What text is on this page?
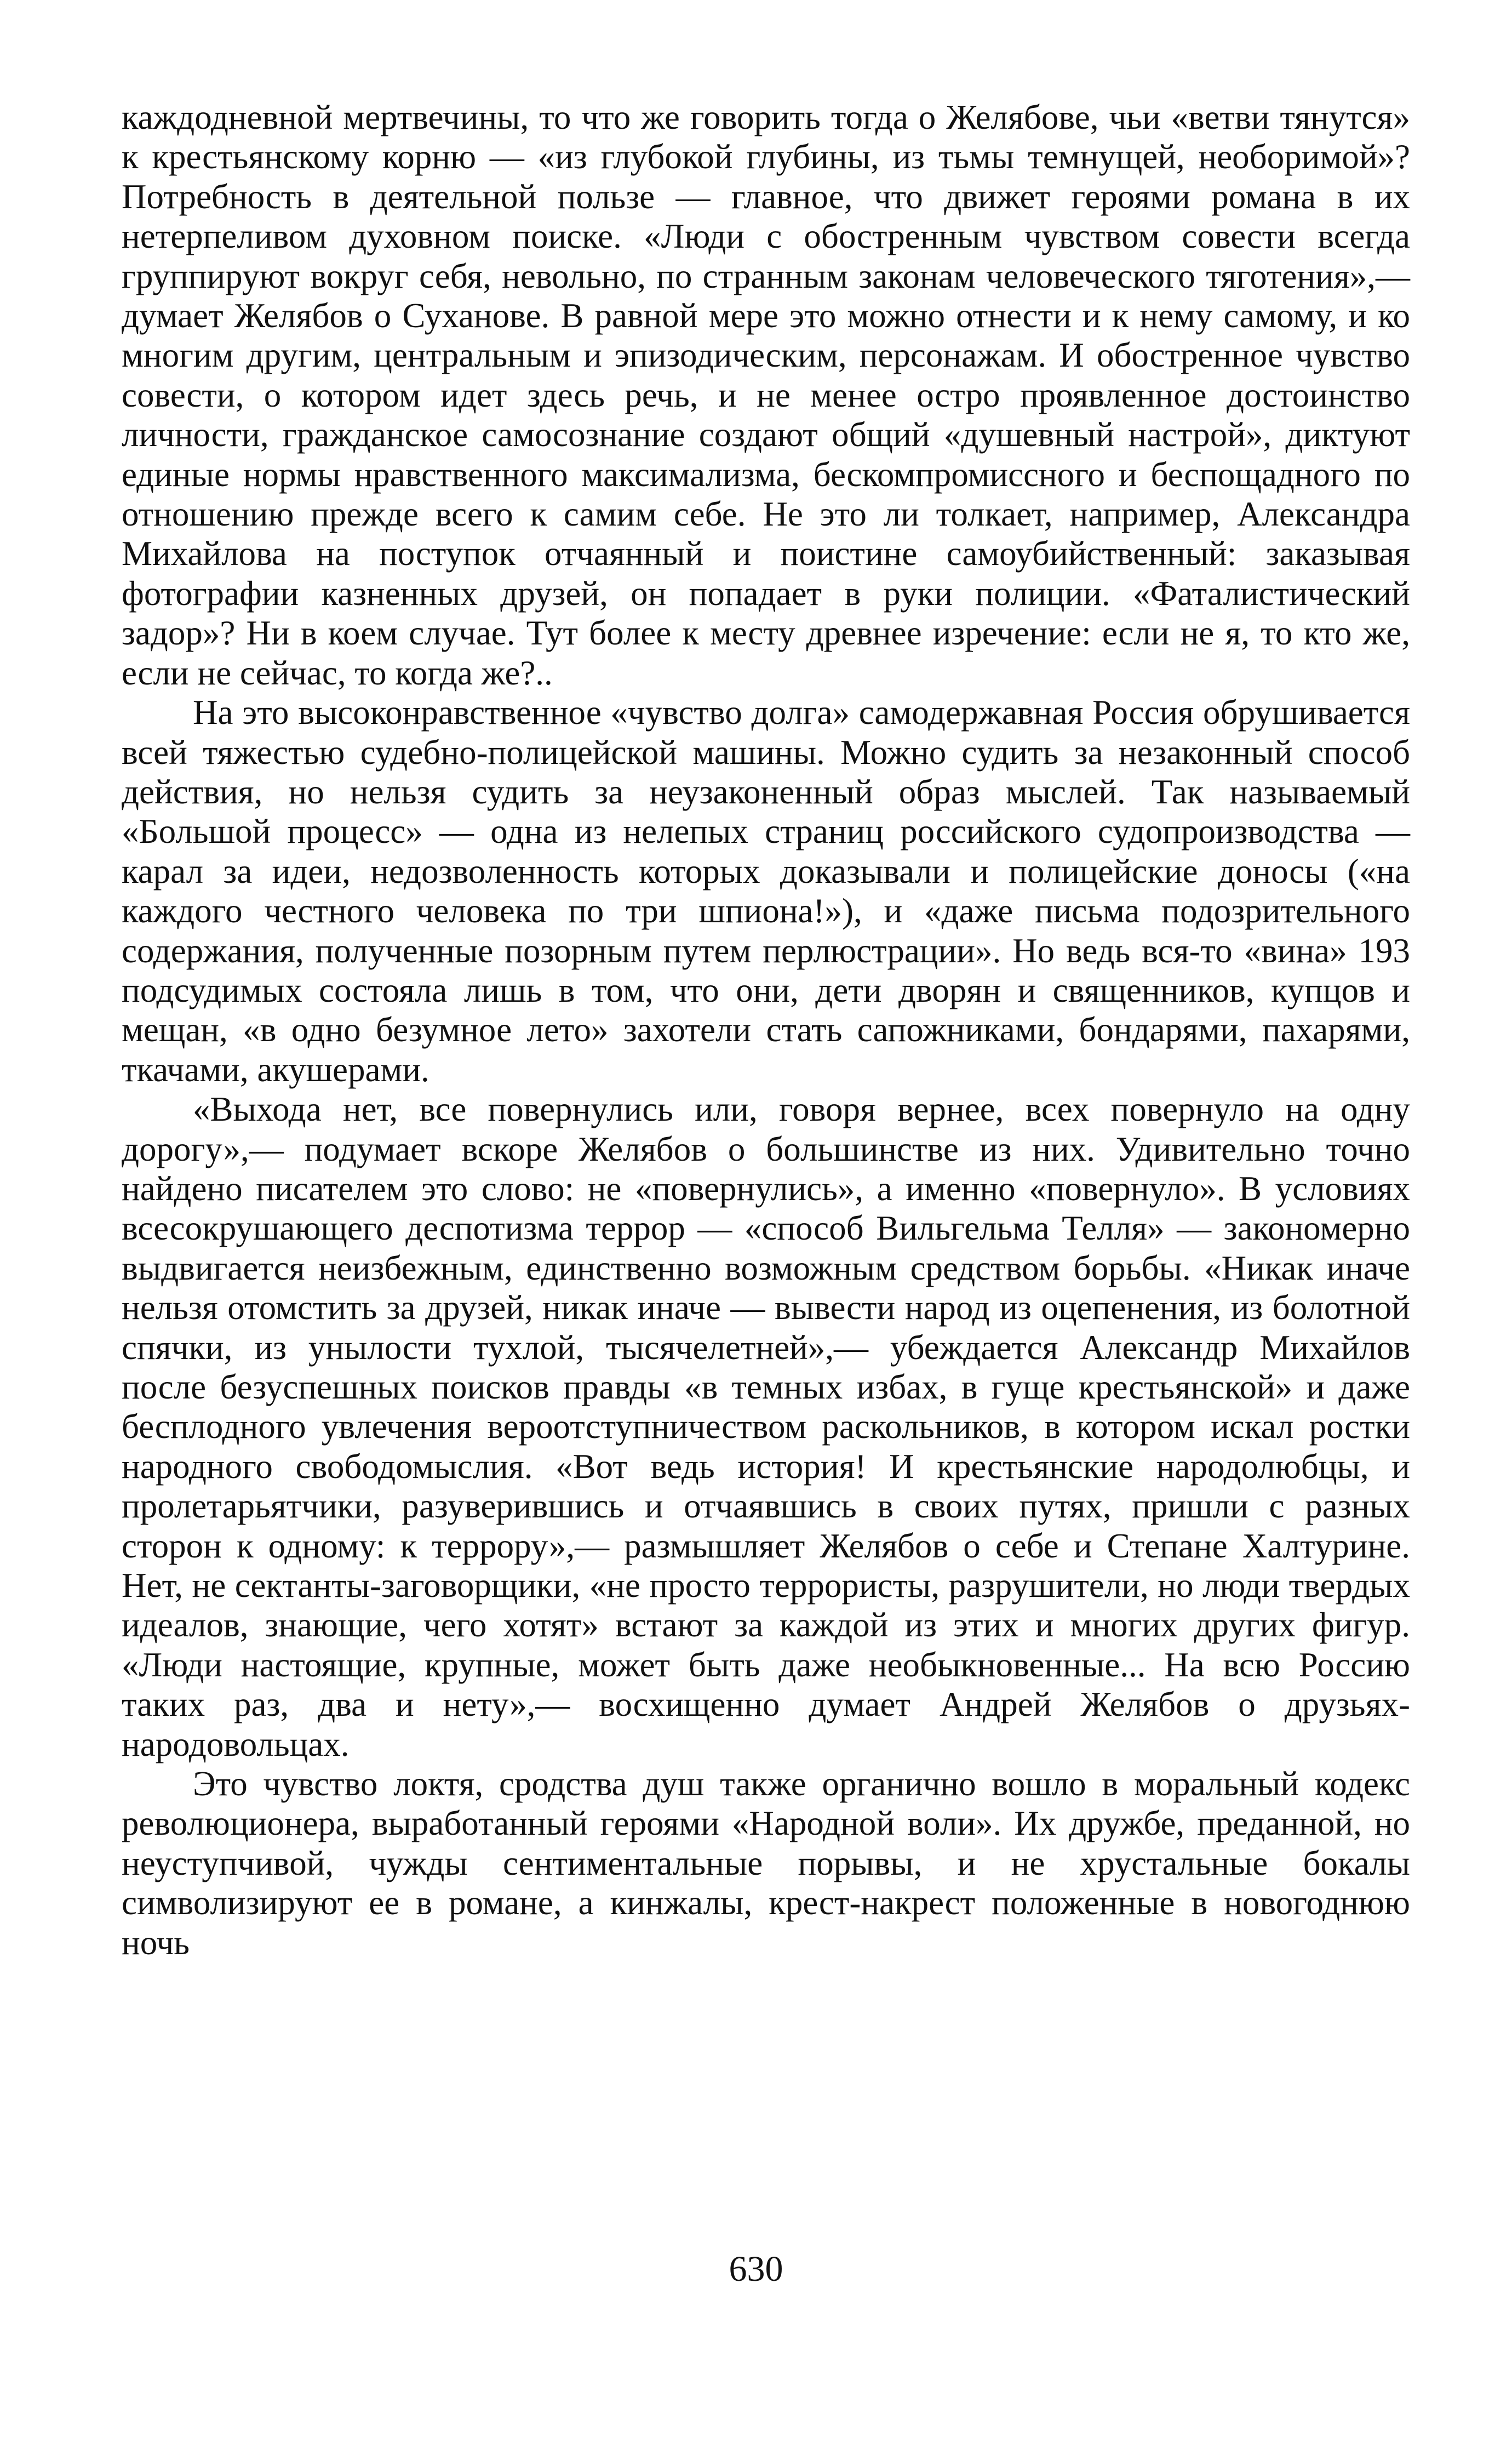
каждодневной мертвечины, то что же говорить тогда о Желябове, чьи «ветви тянутся» к крестьянскому корню — «из глубокой глубины, из тьмы темнущей, необоримой»? Потребность в деятельной пользе — главное, что движет героями романа в их нетерпеливом духовном поиске. «Люди с обостренным чувством совести всегда группируют вокруг себя, невольно, по странным законам человеческого тяготения»,— думает Желябов о Суханове. В равной мере это можно отнести и к нему самому, и ко многим другим, центральным и эпизодическим, персонажам. И обостренное чувство совести, о котором идет здесь речь, и не менее остро проявленное достоинство личности, гражданское самосознание создают общий «душевный настрой», диктуют единые нормы нравственного максимализма, бескомпромиссного и беспощадного по отношению прежде всего к самим себе. Не это ли толкает, например, Александра Михайлова на поступок отчаянный и поистине самоубийственный: заказывая фотографии казненных друзей, он попадает в руки полиции. «Фаталистический задор»? Ни в коем случае. Тут более к месту древнее изречение: если не я, то кто же, если не сейчас, то когда же?..

На это высоконравственное «чувство долга» самодержавная Россия обрушивается всей тяжестью судебно-полицейской машины. Можно судить за незаконный способ действия, но нельзя судить за неузаконенный образ мыслей. Так называемый «Большой процесс» — одна из нелепых страниц российского судопроизводства — карал за идеи, недозволенность которых доказывали и полицейские доносы («на каждого честного человека по три шпиона!»), и «даже письма подозрительного содержания, полученные позорным путем перлюстрации». Но ведь вся-то «вина» 193 подсудимых состояла лишь в том, что они, дети дворян и священников, купцов и мещан, «в одно безумное лето» захотели стать сапожниками, бондарями, пахарями, ткачами, акушерами.

«Выхода нет, все повернулись или, говоря вернее, всех повернуло на одну дорогу»,— подумает вскоре Желябов о большинстве из них. Удивительно точно найдено писателем это слово: не «повернулись», а именно «повернуло». В условиях всесокрушающего деспотизма террор — «способ Вильгельма Телля» — закономерно выдвигается неизбежным, единственно возможным средством борьбы. «Никак иначе нельзя отомстить за друзей, никак иначе — вывести народ из оцепенения, из болотной спячки, из унылости тухлой, тысячелетней»,— убеждается Александр Михайлов после безуспешных поисков правды «в темных избах, в гуще крестьянской» и даже бесплодного увлечения вероотступничеством раскольников, в котором искал ростки народного свободомыслия. «Вот ведь история! И крестьянские народолюбцы, и пролетарьятчики, разуверившись и отчаявшись в своих путях, пришли с разных сторон к одному: к террору»,— размышляет Желябов о себе и Степане Халтурине. Нет, не сектанты-заговорщики, «не просто террористы, разрушители, но люди твердых идеалов, знающие, чего хотят» встают за каждой из этих и многих других фигур. «Люди настоящие, крупные, может быть даже необыкновенные... На всю Россию таких раз, два и нету»,— восхищенно думает Андрей Желябов о друзьях-народовольцах.

Это чувство локтя, сродства душ также органично вошло в моральный кодекс революционера, выработанный героями «Народной воли». Их дружбе, преданной, но неуступчивой, чужды сентиментальные порывы, и не хрустальные бокалы символизируют ее в романе, а кинжалы, крест-накрест положенные в новогоднюю ночь

630
